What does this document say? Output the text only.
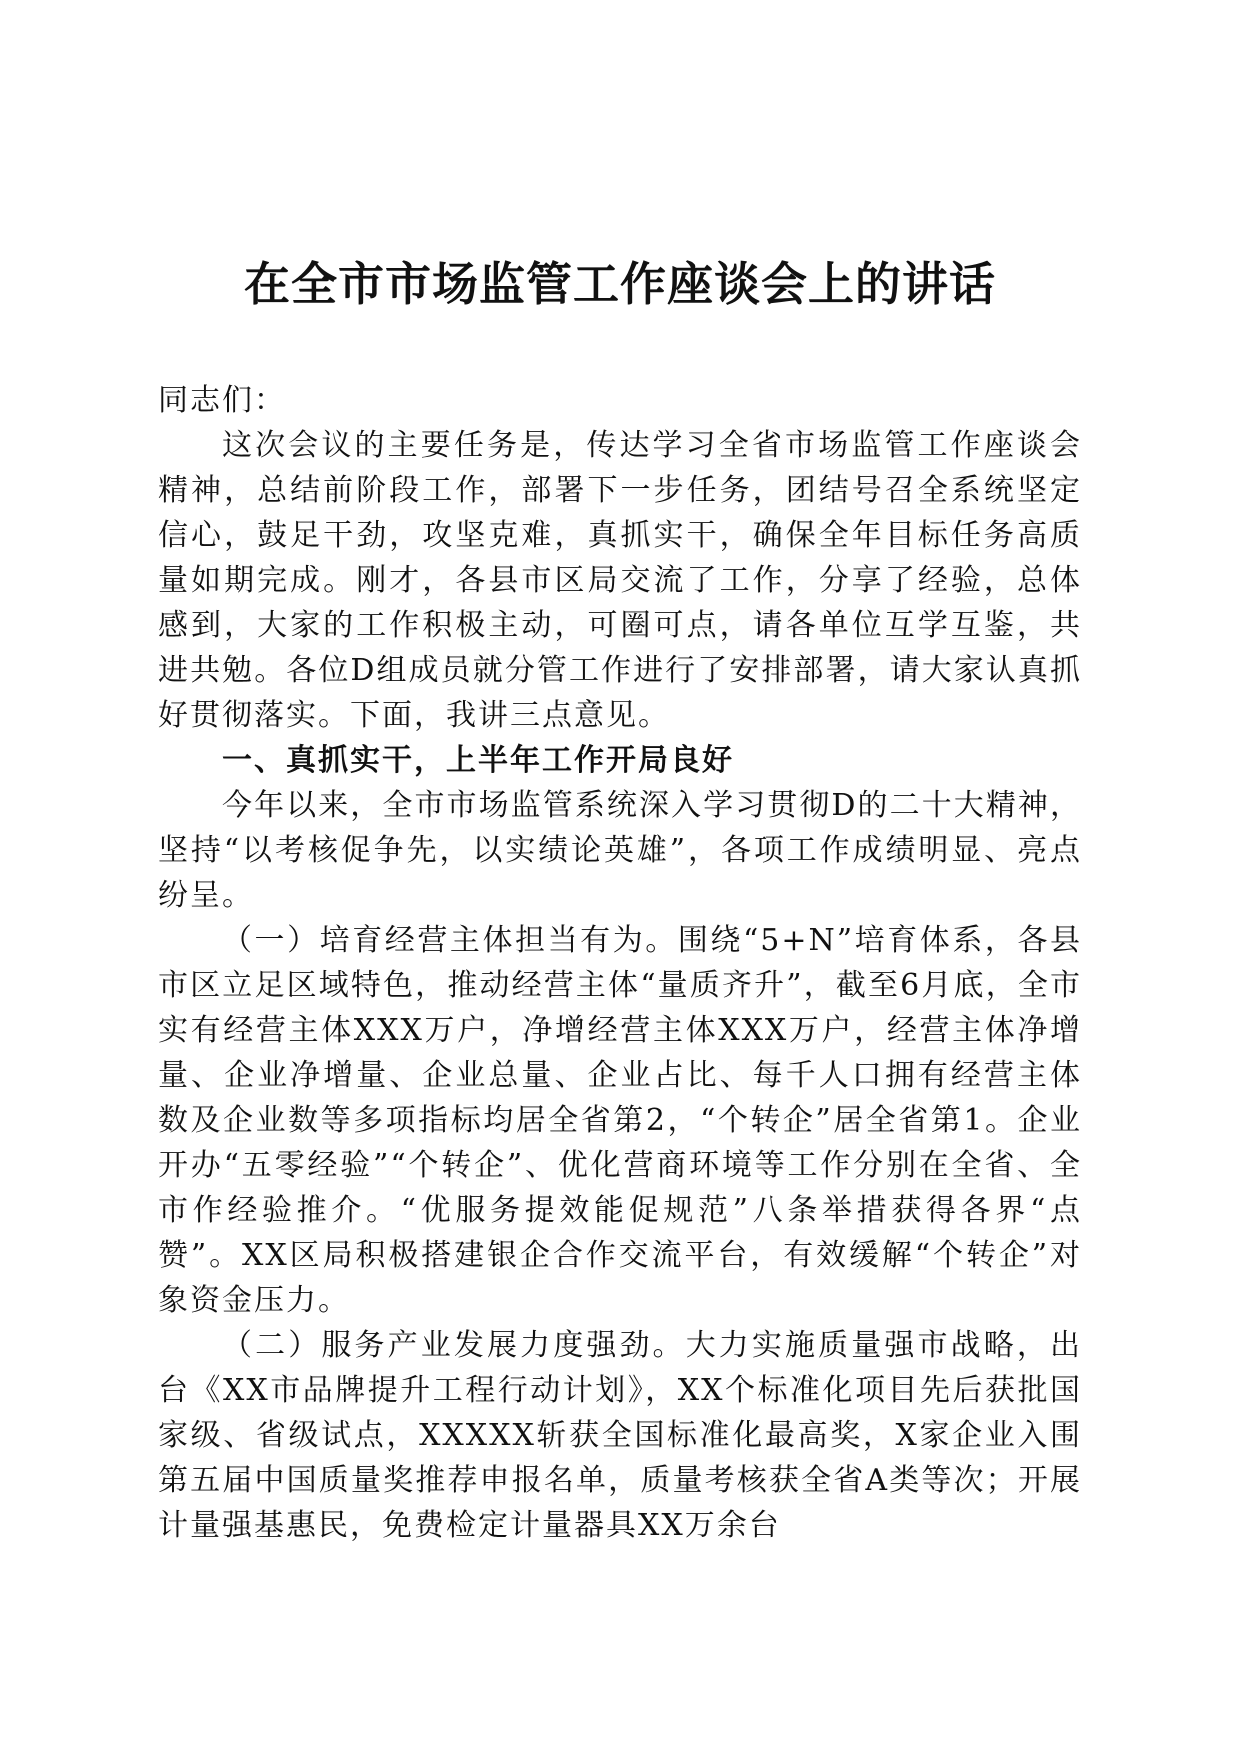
在全市市场监管工作座谈会上的讲话

同志们：

这次会议的主要任务是，传达学习全省市场监管工作座谈会精神，总结前阶段工作，部署下一步任务，团结号召全系统坚定信心，鼓足干劲，攻坚克难，真抓实干，确保全年目标任务高质量如期完成。刚才，各县市区局交流了工作，分享了经验，总体感到，大家的工作积极主动，可圈可点，请各单位互学互鉴，共进共勉。各位D组成员就分管工作进行了安排部署，请大家认真抓好贯彻落实。下面，我讲三点意见。

一、真抓实干，上半年工作开局良好

今年以来，全市市场监管系统深入学习贯彻D的二十大精神，坚持“以考核促争先，以实绩论英雄”，各项工作成绩明显、亮点纷呈。

（一）培育经营主体担当有为。围绕“5+N”培育体系，各县市区立足区域特色，推动经营主体“量质齐升”，截至6月底，全市实有经营主体XXX万户，净增经营主体XXX万户，经营主体净增量、企业净增量、企业总量、企业占比、每千人口拥有经营主体数及企业数等多项指标均居全省第2，“个转企”居全省第1。企业开办“五零经验”“个转企”、优化营商环境等工作分别在全省、全市作经验推介。“优服务提效能促规范”八条举措获得各界“点赞”。XX区局积极搭建银企合作交流平台，有效缓解“个转企”对象资金压力。

（二）服务产业发展力度强劲。大力实施质量强市战略，出台《XX市品牌提升工程行动计划》，XX个标准化项目先后获批国家级、省级试点，XXXXX斩获全国标准化最高奖，X家企业入围第五届中国质量奖推荐申报名单，质量考核获全省A类等次；开展计量强基惠民，免费检定计量器具XX万余台
